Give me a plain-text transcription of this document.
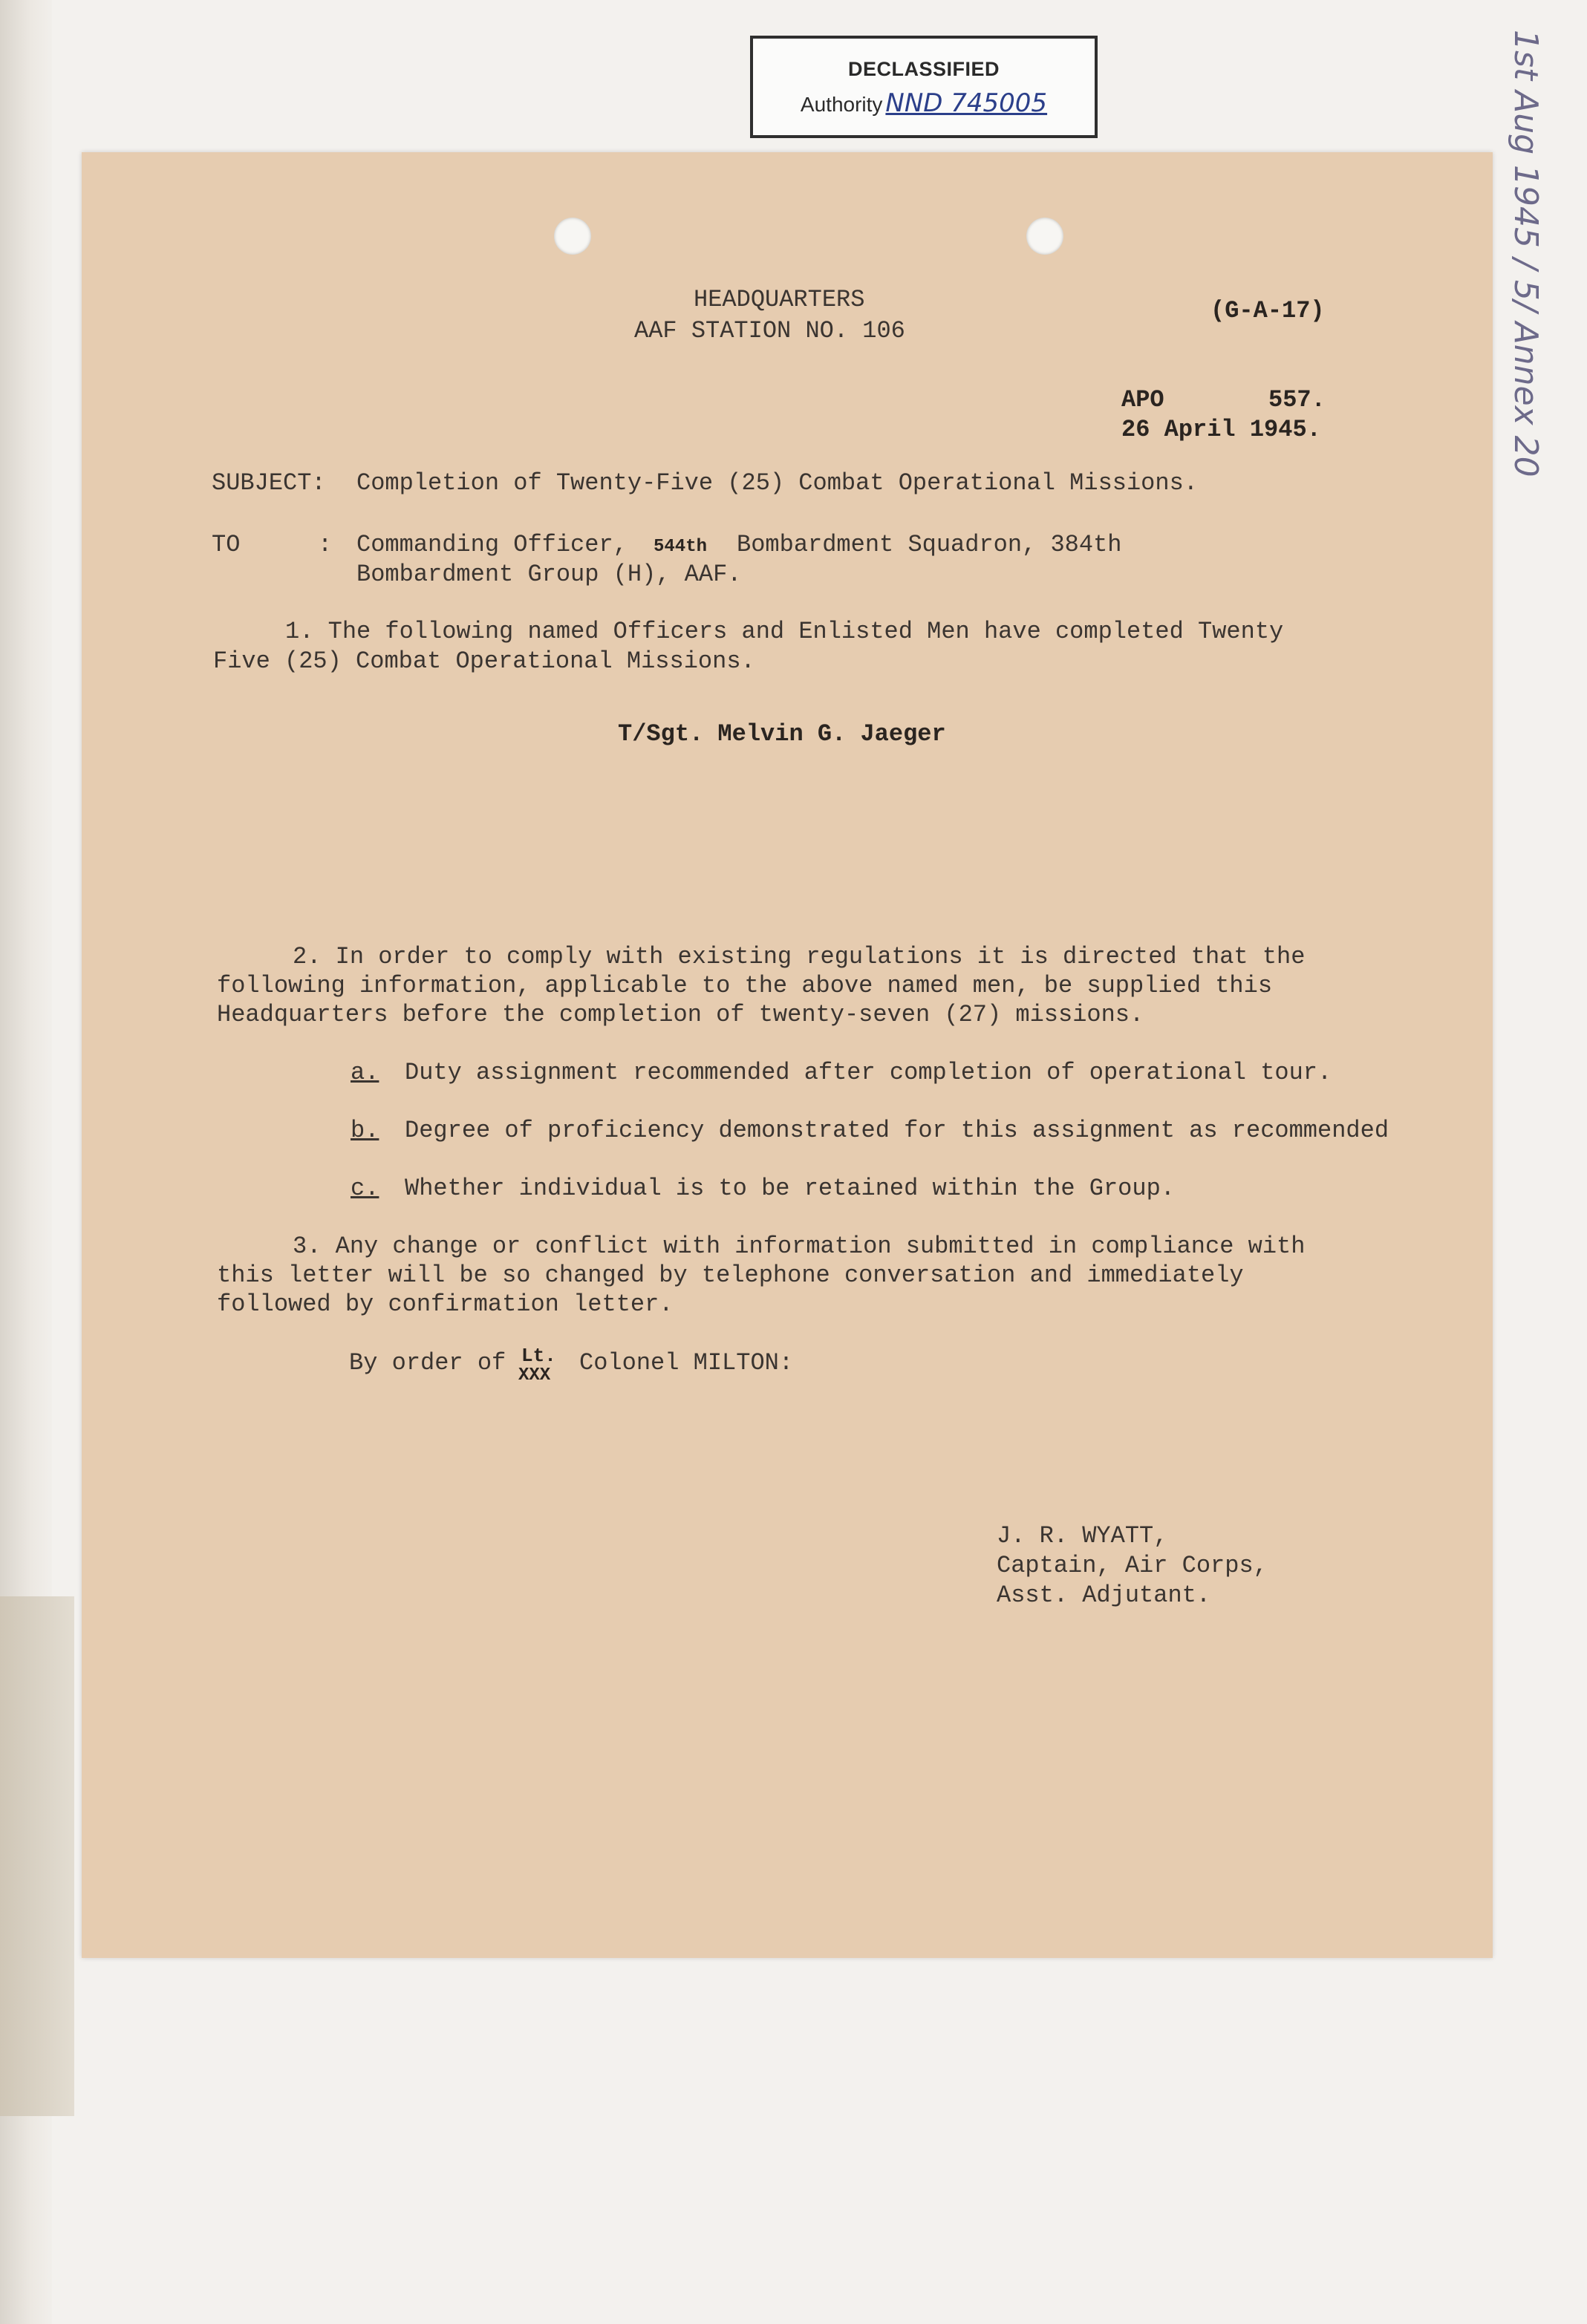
DECLASSIFIED
Authority NND 745005	1st Aug 1945 / 5/ Annex 20
HEADQUARTERS
AAF STATION NO. 106
(G-A-17)
APO	557.
26 April 1945.
SUBJECT: Completion of Twenty-Five (25) Combat Operational Missions.
TO	: Commanding Officer, 544th Bombardment Squadron, 384th
Bombardment Group (H), AAF.
1. The following named Officers and Enlisted Men have completed Twenty
Five (25) Combat Operational Missions.
T/Sgt. Melvin G. Jaeger
2. In order to comply with existing regulations it is directed that the
following information, applicable to the above named men, be supplied this
Headquarters before the completion of twenty-seven (27) missions.
a. Duty assignment recommended after completion of operational tour.
b. Degree of proficiency demonstrated for this assignment as recommended
c. Whether individual is to be retained within the Group.
3. Any change or conflict with information submitted in compliance with
this letter will be so changed by telephone conversation and immediately
followed by confirmation letter.
By order of Lt.
XXX Colonel MILTON:
J. R. WYATT,
Captain, Air Corps,
Asst. Adjutant.
